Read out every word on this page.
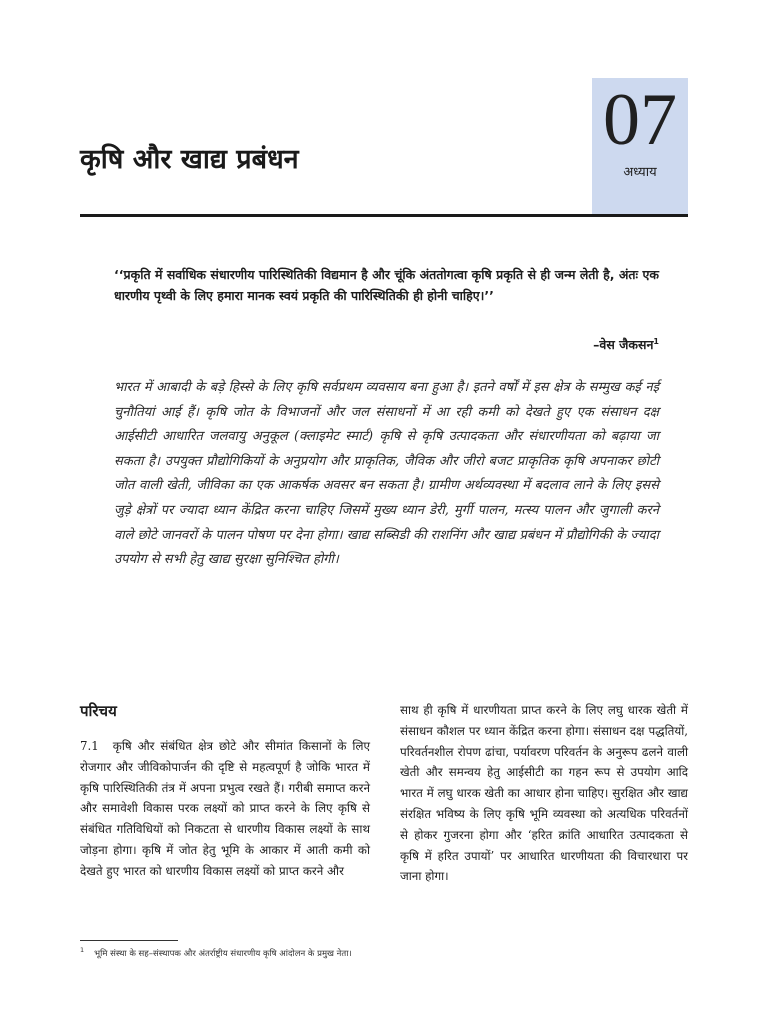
07
अध्याय
कृषि और खाद्य प्रबंधन

‘‘प्रकृति में सर्वाधिक संधारणीय पारिस्थितिकी विद्यमान है और चूंकि अंततोगत्वा कृषि प्रकृति से ही जन्म लेती है, अंतः एक धारणीय पृथ्वी के लिए हमारा मानक स्वयं प्रकृति की पारिस्थितिकी ही होनी चाहिए।’’

–वेस जैकसन$^1$

भारत में आबादी के बड़े हिस्से के लिए कृषि सर्वप्रथम व्यवसाय बना हुआ है। इतने वर्षों में इस क्षेत्र के सम्मुख कई नई चुनौतियां आई हैं। कृषि जोत के विभाजनों और जल संसाधनों में आ रही कमी को देखते हुए एक संसाधन दक्ष आईसीटी आधारित जलवायु अनुकूल (क्लाइमेट स्मार्ट) कृषि से कृषि उत्पादकता और संधारणीयता को बढ़ाया जा सकता है। उपयुक्त प्रौद्योगिकियों के अनुप्रयोग और प्राकृतिक, जैविक और जीरो बजट प्राकृतिक कृषि अपनाकर छोटी जोत वाली खेती, जीविका का एक आकर्षक अवसर बन सकता है। ग्रामीण अर्थव्यवस्था में बदलाव लाने के लिए इससे जुड़े क्षेत्रों पर ज्यादा ध्यान केंद्रित करना चाहिए जिसमें मुख्य ध्यान डेरी, मुर्गी पालन, मत्स्य पालन और जुगाली करने वाले छोटे जानवरों के पालन पोषण पर देना होगा। खाद्य सब्सिडी की राशनिंग और खाद्य प्रबंधन में प्रौद्योगिकी के ज्यादा उपयोग से सभी हेतु खाद्य सुरक्षा सुनिश्चित होगी।

परिचय

7.1 कृषि और संबंधित क्षेत्र छोटे और सीमांत किसानों के लिए रोजगार और जीविकोपार्जन की दृष्टि से महत्वपूर्ण है जोकि भारत में कृषि पारिस्थितिकी तंत्र में अपना प्रभुत्व रखते हैं। गरीबी समाप्त करने और समावेशी विकास परक लक्ष्यों को प्राप्त करने के लिए कृषि से संबंधित गतिविधियों को निकटता से धारणीय विकास लक्ष्यों के साथ जोड़ना होगा। कृषि में जोत हेतु भूमि के आकार में आती कमी को देखते हुए भारत को धारणीय विकास लक्ष्यों को प्राप्त करने और

साथ ही कृषि में धारणीयता प्राप्त करने के लिए लघु धारक खेती में संसाधन कौशल पर ध्यान केंद्रित करना होगा। संसाधन दक्ष पद्धतियों, परिवर्तनशील रोपण ढांचा, पर्यावरण परिवर्तन के अनुरूप ढलने वाली खेती और समन्वय हेतु आईसीटी का गहन रूप से उपयोग आदि भारत में लघु धारक खेती का आधार होना चाहिए। सुरक्षित और खाद्य संरक्षित भविष्य के लिए कृषि भूमि व्यवस्था को अत्यधिक परिवर्तनों से होकर गुजरना होगा और ‘हरित क्रांति आधारित उत्पादकता से कृषि में हरित उपायों’ पर आधारित धारणीयता की विचारधारा पर जाना होगा।

$^1$ भूमि संस्था के सह–संस्थापक और अंतर्राष्ट्रीय संधारणीय कृषि आंदोलन के प्रमुख नेता।
